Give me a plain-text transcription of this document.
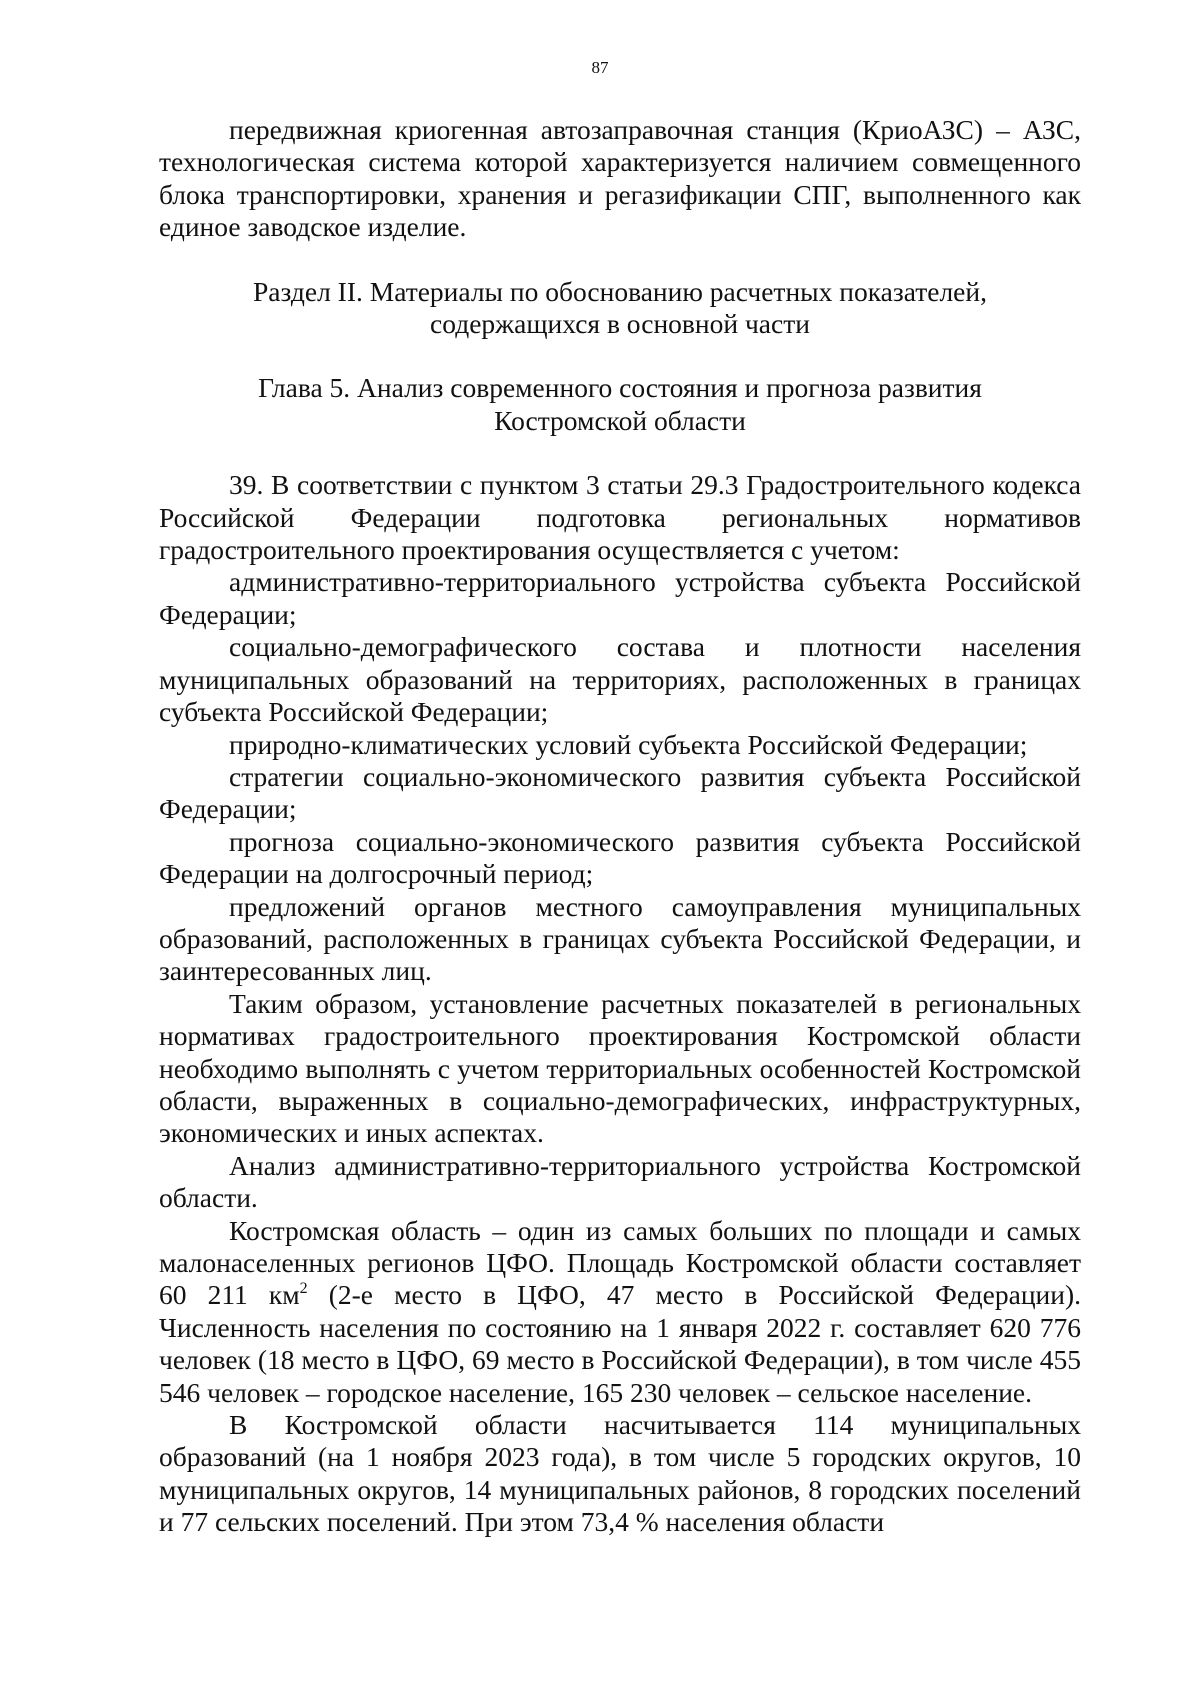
87

передвижная криогенная автозаправочная станция (КриоАЗС) – АЗС, технологическая система которой характеризуется наличием совмещенного блока транспортировки, хранения и регазификации СПГ, выполненного как единое заводское изделие.

Раздел II. Материалы по обоснованию расчетных показателей,
содержащихся в основной части

Глава 5. Анализ современного состояния и прогноза развития
Костромской области

39. В соответствии с пунктом 3 статьи 29.3 Градостроительного кодекса Российской Федерации подготовка региональных нормативов градостроительного проектирования осуществляется с учетом:

административно-территориального устройства субъекта Российской Федерации;

социально-демографического состава и плотности населения муниципальных образований на территориях, расположенных в границах субъекта Российской Федерации;

природно-климатических условий субъекта Российской Федерации;

стратегии социально-экономического развития субъекта Российской Федерации;

прогноза социально-экономического развития субъекта Российской Федерации на долгосрочный период;

предложений органов местного самоуправления муниципальных образований, расположенных в границах субъекта Российской Федерации, и заинтересованных лиц.

Таким образом, установление расчетных показателей в региональных нормативах градостроительного проектирования Костромской области необходимо выполнять с учетом территориальных особенностей Костромской области, выраженных в социально-демографических, инфраструктурных, экономических и иных аспектах.

Анализ административно-территориального устройства Костромской области.

Костромская область – один из самых больших по площади и самых малонаселенных регионов ЦФО. Площадь Костромской области составляет 60 211 $км^2$ (2-е место в ЦФО, 47 место в Российской Федерации). Численность населения по состоянию на 1 января 2022 г. составляет 620 776 человек (18 место в ЦФО, 69 место в Российской Федерации), в том числе 455 546 человек – городское население, 165 230 человек – сельское население.

В Костромской области насчитывается 114 муниципальных образований (на 1 ноября 2023 года), в том числе 5 городских округов, 10 муниципальных округов, 14 муниципальных районов, 8 городских поселений и 77 сельских поселений. При этом 73,4 % населения области
